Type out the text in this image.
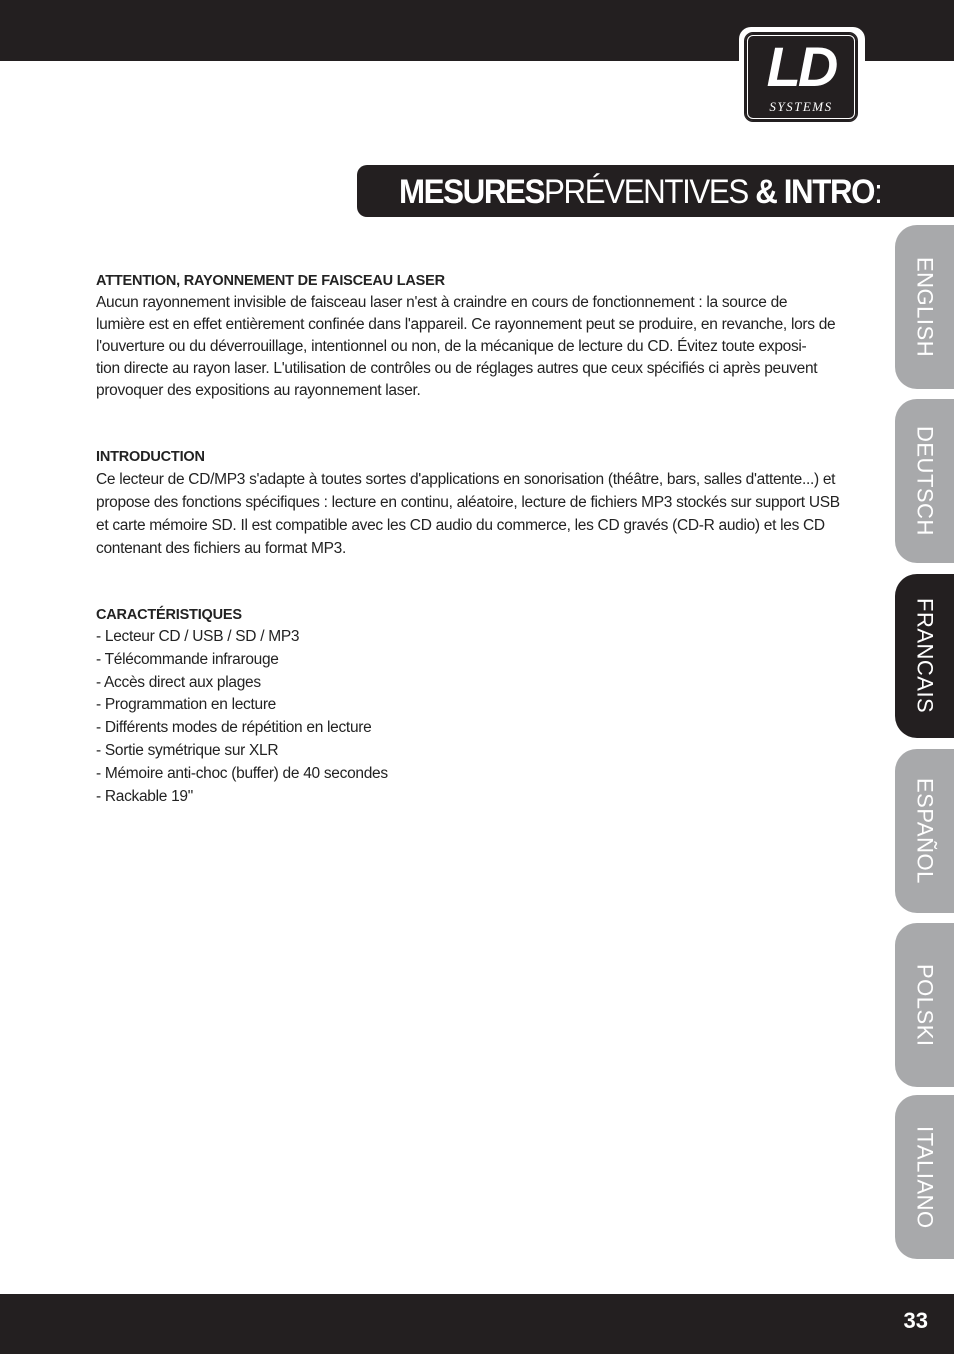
LD
SYSTEMS
MESURESPRÉVENTIVES & INTRO:
ATTENTION, RAYONNEMENT DE FAISCEAU LASER
Aucun rayonnement invisible de faisceau laser n'est à craindre en cours de fonctionnement : la source de
lumière est en effet entièrement confinée dans l'appareil. Ce rayonnement peut se produire, en revanche, lors de
l'ouverture ou du déverrouillage, intentionnel ou non, de la mécanique de lecture du CD. Évitez toute exposi-
tion directe au rayon laser. L'utilisation de contrôles ou de réglages autres que ceux spécifiés ci après peuvent
provoquer des expositions au rayonnement laser.
INTRODUCTION
Ce lecteur de CD/MP3 s'adapte à toutes sortes d'applications en sonorisation (théâtre, bars, salles d'attente...) et
propose des fonctions spécifiques : lecture en continu, aléatoire, lecture de fichiers MP3 stockés sur support USB
et carte mémoire SD. Il est compatible avec les CD audio du commerce, les CD gravés (CD-R audio) et les CD
contenant des fichiers au format MP3.
CARACTÉRISTIQUES
- Lecteur CD / USB / SD / MP3
- Télécommande infrarouge
- Accès direct aux plages
- Programmation en lecture
- Différents modes de répétition en lecture
- Sortie symétrique sur XLR
- Mémoire anti-choc (buffer) de 40 secondes
- Rackable 19"
ENGLISH
DEUTSCH
FRANCAIS
ESPAÑOL
POLSKI
ITALIANO
33
